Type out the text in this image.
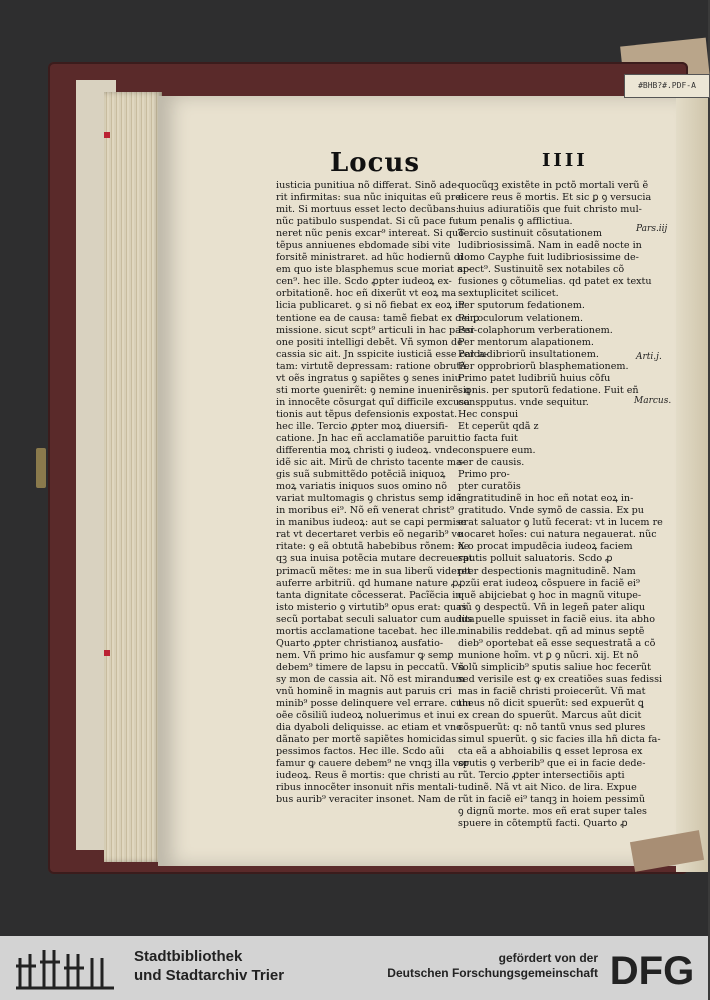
#BHB?#.PDF-A
Locus	IIII
iusticia punitiua nõ differat. Sinõ ade-
rit infirmitas: sua nũc iniquitas eũ pre-
mit. Si mortuus esset lecto decũbans:
nũc patibulo suspendat. Si cũ pace fu-
neret nũc penis excar⁹ intereat. Si quõ
tẽpus anniuenes ebdomade sibi vite
forsitẽ ministraret. ad hũc hodiernũ di
em quo iste blasphemus scue moriat ar-
cen⁹. hec ille. Scdo ꝓpter iudeoꝝ ex-
orbitationẽ. hoc eñ dixerũt vt eoꝝ ma
licia publicaret. ꝯ si nõ fiebat ex eoꝝ in
tentione ea de causa: tamẽ fiebat ex dei ꝑ
missione. sicut scpt⁹ articuli in hac passi-
one positi intelligi debẽt. Vñ symon de
cassia sic ait. Jn sspicite iusticiã esse calca-
tam: virtutẽ depressam: ratione obrutã.
vt oẽs ingratus ꝯ sapiẽtes ꝯ senes iniu
sti morte ꝯuenirẽt: ꝯ nemine inuenirẽ. ꝗ
in innocẽte cõsurgat quĩ difficile excusa
tionis aut tẽpus defensionis expostat.
hec ille. Tercio ꝓpter moꝝ diuersifi-
catione. Jn hac eñ acclamatiõe paruit
differentia moꝝ christi ꝯ iudeoꝝ. vnde
idẽ sic ait. Mirũ de christo tacente ma-
gis suã submittẽdo potẽciã iniquoꝝ
moꝝ variatis iniquos suos omino nõ
variat multomagis ꝯ christus semꝑ idẽ
in moribus ei⁹. Nõ eñ venerat christ⁹
in manibus iudeoꝝ: aut se capi permise
rat vt decertaret verbis eõ negarib⁹ ve
ritate: ꝯ eã obtutã habebibus rõnem: ne
qꝫ sua inuisa potẽcia mutare decreuerat
primacũ mẽtes: me in sua liberũ videret
auferre arbitriũ. qd humane nature ꝓ
tanta dignitate cõcesserat. Pacĩẽcia in
isto misterio ꝯ virtutib⁹ opus erat: quas
secũ portabat seculi saluator cum audita
mortis acclamatione tacebat. hec ille.
Quarto ꝓpter christianoꝝ ausfatio-
nem. Vñ primo hic ausfamur ꝙ semꝑ
debem⁹ timere de lapsu in peccatũ. Vñ
sy mon de cassia ait. Nõ est mirandum
vnũ hominẽ in magnis aut paruis cri
minib⁹ posse delinquere vel errare. cum
oẽe cõsiliũ iudeoꝝ noluerimus et inui
dia dyaboli deliquisse. ac etiam et vno
dãnato per mortẽ sapiẽtes homicidas
pessimos factos. Hec ille. Scdo aũi
famur ꝙ cauere debem⁹ ne vnqꝫ illa vor
iudeoꝝ. Reus ẽ mortis: que christi au
ribus innocẽter insonuit nr̃is mentali-
bus aurib⁹ veraciter insonet. Nam de
quocũqꝫ existẽte in pctõ mortali verũ ẽ
dicere reus ẽ mortis. Et sic ꝑ ꝯ versucia
huius adiuratiõis que fuit christo mul-
tum penalis ꝯ afflictiua.
Tercio sustinuit cõsutationem
ludibriosissimã. Nam in eadẽ nocte in
domo Cayphe fuit ludibriosissime de-
spect⁹. Sustinuitẽ sex notabiles cõ
fusiones ꝯ cõtumelias. qd patet ex textu
sextuplicitet scilicet.
Per sputorum fedationem.
Per oculorum velationem.
Per colaphorum verberationem.
Per mentorum alapationem.
Per ludibriorũ insultationem.
Per opprobriorũ blasphemationem.
Primo patet ludibriũ huius cõfu
sionis. per sputorũ fedatione. Fuit eñ
conspputus. vnde sequitur.
Hec conspui
Et ceperũt qdã z
tio facta fuit
conspuere eum.
ser de causis.
Primo pro-
pter curatõis
ingratitudinẽ in hoc eñ notat eoꝝ in-
gratitudo. Vnde symõ de cassia. Ex pu
erat saluator ꝯ lutũ fecerat: vt in lucem re
uocaret hoĩes: cui natura negauerat. nũc
X o procat impudẽcia iudeoꝝ faciem
sputis polluit saluatoris. Scdo ꝓ
pter despectionis magnitudinẽ. Nam
ꝓzũi erat iudeoꝝ cõspuere in faciẽ ei⁹
quẽ abijciebat ꝯ hoc in magnũ vitupe-
riũ ꝯ despectũ. Vñ in legeñ pater aliqu
ius puelle spuisset in faciẽ eius. ita abho
minabilis reddebat. qñ ad minus septẽ
dieb⁹ oportebat eã esse sequestratã a cõ
munione hoĩm. vt ꝑ ꝯ nũcri. xij. Et nõ
solũ simplicib⁹ sputis saliue hoc fecerũt
sed verisile est ꝙ ex creatiões suas fedissi
mas in faciẽ christi proiecerũt. Vñ mat
theus nõ dicit spuerũt: sed expuerũt ꝗ
ex crean do spuerũt. Marcus aũt dicit
cõspuerũt: q: nõ tantũ vnus sed plures
simul spuerũt. ꝯ sic facies illa hñ dicta fa-
cta eã a abhoiabilis ꝗ esset leprosa ex
sputis ꝯ verberib⁹ que ei in facie dede-
rũt. Tercio ꝓpter intersectiõis apti
tudinẽ. Nã vt ait Nico. de lira. Expue
rũt in faciẽ ei⁹ tanqꝫ in hoiem pessimũ
ꝯ dignũ morte. mos eñ erat super tales
spuere in cõtemptũ facti. Quarto ꝓ
Pars.iij
Arti.j.
Marcus.
Stadtbibliothek
und Stadtarchiv Trier
gefördert von der
Deutschen Forschungsgemeinschaft DFG
